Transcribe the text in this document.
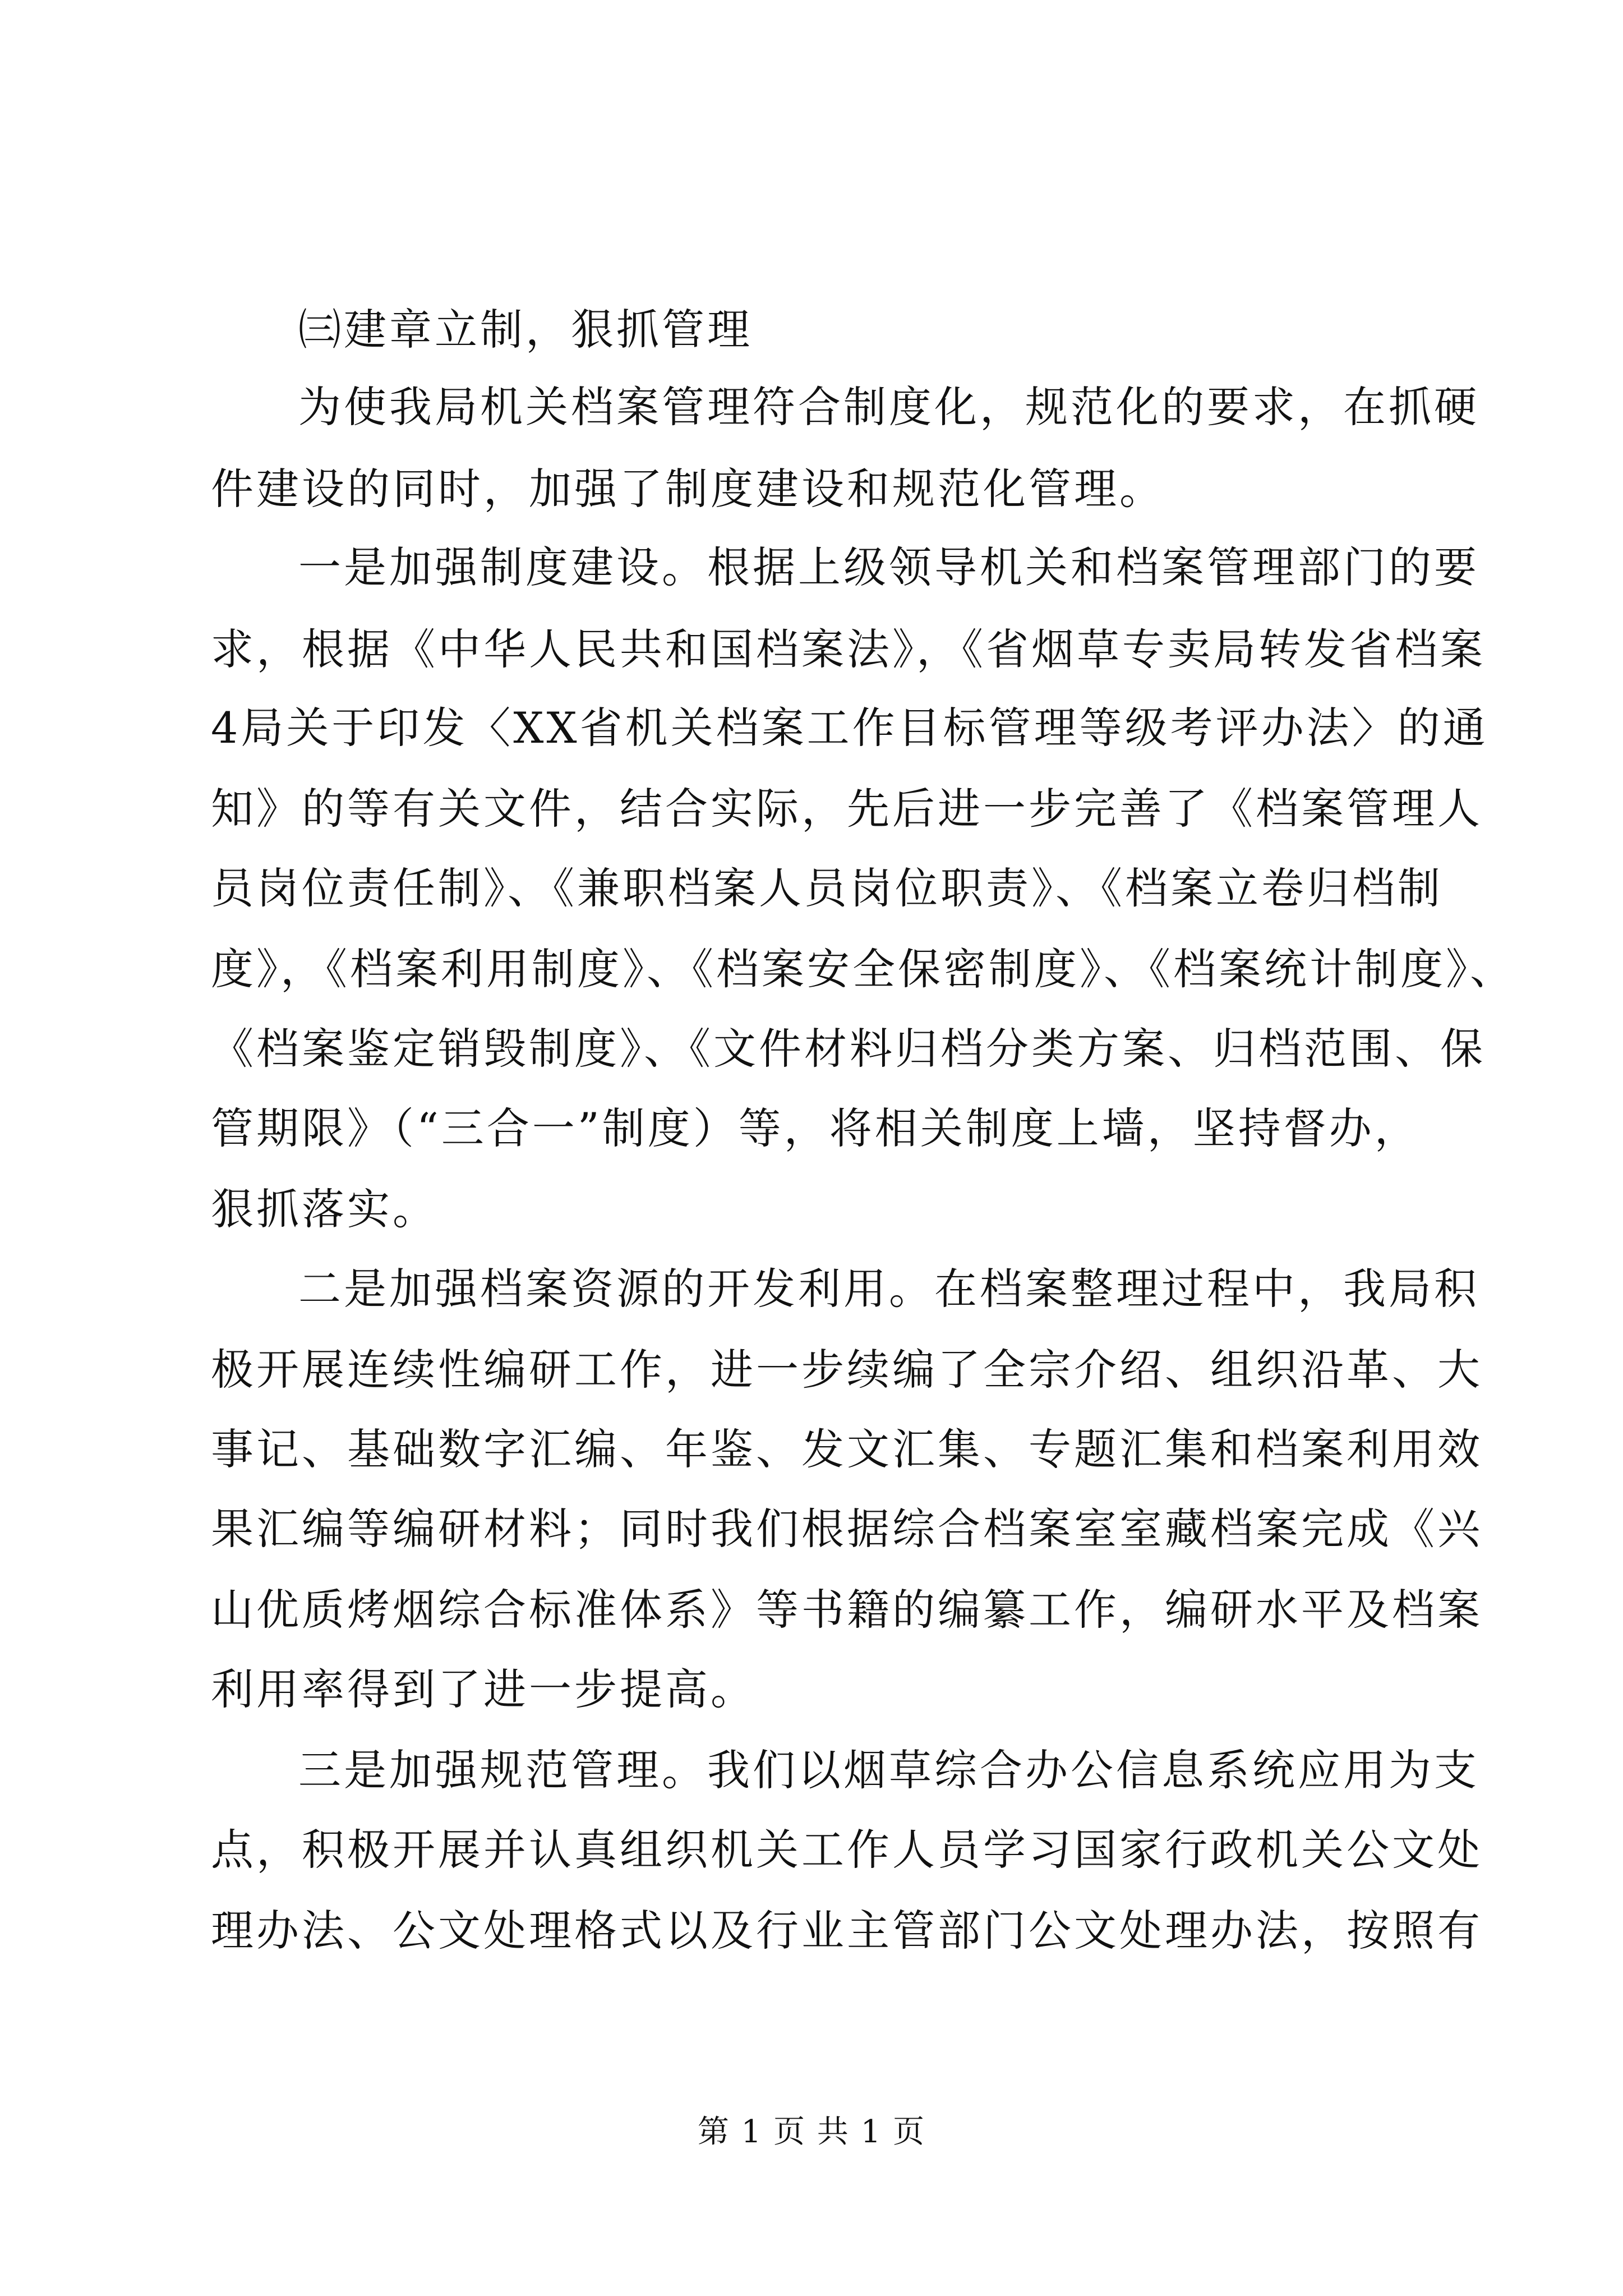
㈢建章立制，狠抓管理
为使我局机关档案管理符合制度化，规范化的要求，在抓硬
件建设的同时，加强了制度建设和规范化管理。
一是加强制度建设。根据上级领导机关和档案管理部门的要
求，根据《中华人民共和国档案法》，《省烟草专卖局转发省档案
4局关于印发〈XX省机关档案工作目标管理等级考评办法〉的通
知》的等有关文件，结合实际，先后进一步完善了《档案管理人
员岗位责任制》、《兼职档案人员岗位职责》、《档案立卷归档制
度》，《档案利用制度》、《档案安全保密制度》、《档案统计制度》、
《档案鉴定销毁制度》、《文件材料归档分类方案、归档范围、保
管期限》（“三合一”制度）等，将相关制度上墙，坚持督办，
狠抓落实。
二是加强档案资源的开发利用。在档案整理过程中，我局积
极开展连续性编研工作，进一步续编了全宗介绍、组织沿革、大
事记、基础数字汇编、年鉴、发文汇集、专题汇集和档案利用效
果汇编等编研材料；同时我们根据综合档案室室藏档案完成《兴
山优质烤烟综合标准体系》等书籍的编纂工作，编研水平及档案
利用率得到了进一步提高。
三是加强规范管理。我们以烟草综合办公信息系统应用为支
点，积极开展并认真组织机关工作人员学习国家行政机关公文处
理办法、公文处理格式以及行业主管部门公文处理办法，按照有
第 1 页 共 1 页
